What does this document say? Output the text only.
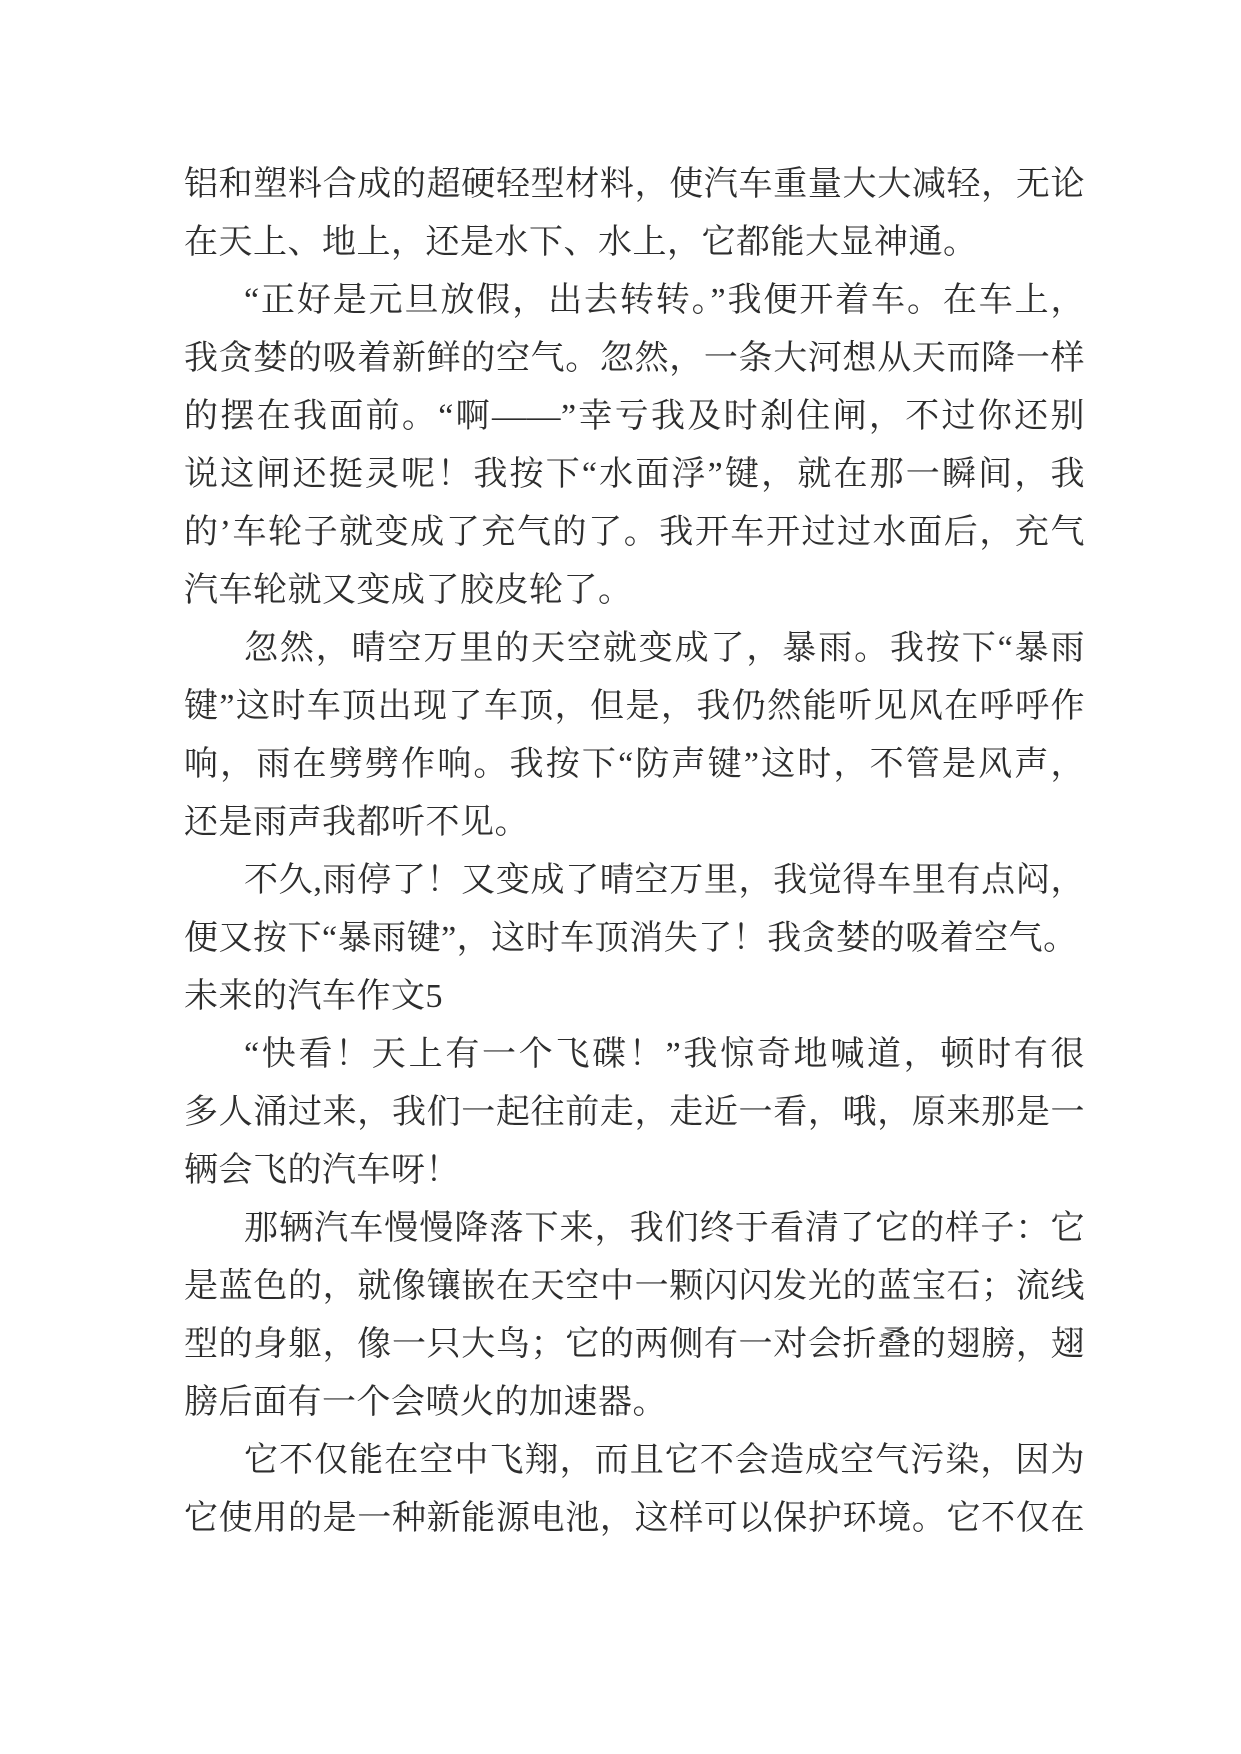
铝和塑料合成的超硬轻型材料，使汽车重量大大减轻，无论
在天上、地上，还是水下、水上，它都能大显神通。
“正好是元旦放假，出去转转。”我便开着车。在车上，
我贪婪的吸着新鲜的空气。忽然，一条大河想从天而降一样
的摆在我面前。“啊——”幸亏我及时刹住闸，不过你还别
说这闸还挺灵呢！我按下“水面浮”键，就在那一瞬间，我
的’车轮子就变成了充气的了。我开车开过过水面后，充气
汽车轮就又变成了胶皮轮了。
忽然，晴空万里的天空就变成了，暴雨。我按下“暴雨
键”这时车顶出现了车顶，但是，我仍然能听见风在呼呼作
响，雨在劈劈作响。我按下“防声键”这时，不管是风声，
还是雨声我都听不见。
不久,雨停了！又变成了晴空万里，我觉得车里有点闷，
便又按下“暴雨键”，这时车顶消失了！我贪婪的吸着空气。
未来的汽车作文5
“快看！天上有一个飞碟！”我惊奇地喊道，顿时有很
多人涌过来，我们一起往前走，走近一看，哦，原来那是一
辆会飞的汽车呀！
那辆汽车慢慢降落下来，我们终于看清了它的样子：它
是蓝色的，就像镶嵌在天空中一颗闪闪发光的蓝宝石；流线
型的身躯，像一只大鸟；它的两侧有一对会折叠的翅膀，翅
膀后面有一个会喷火的加速器。
它不仅能在空中飞翔，而且它不会造成空气污染，因为
它使用的是一种新能源电池，这样可以保护环境。它不仅在
